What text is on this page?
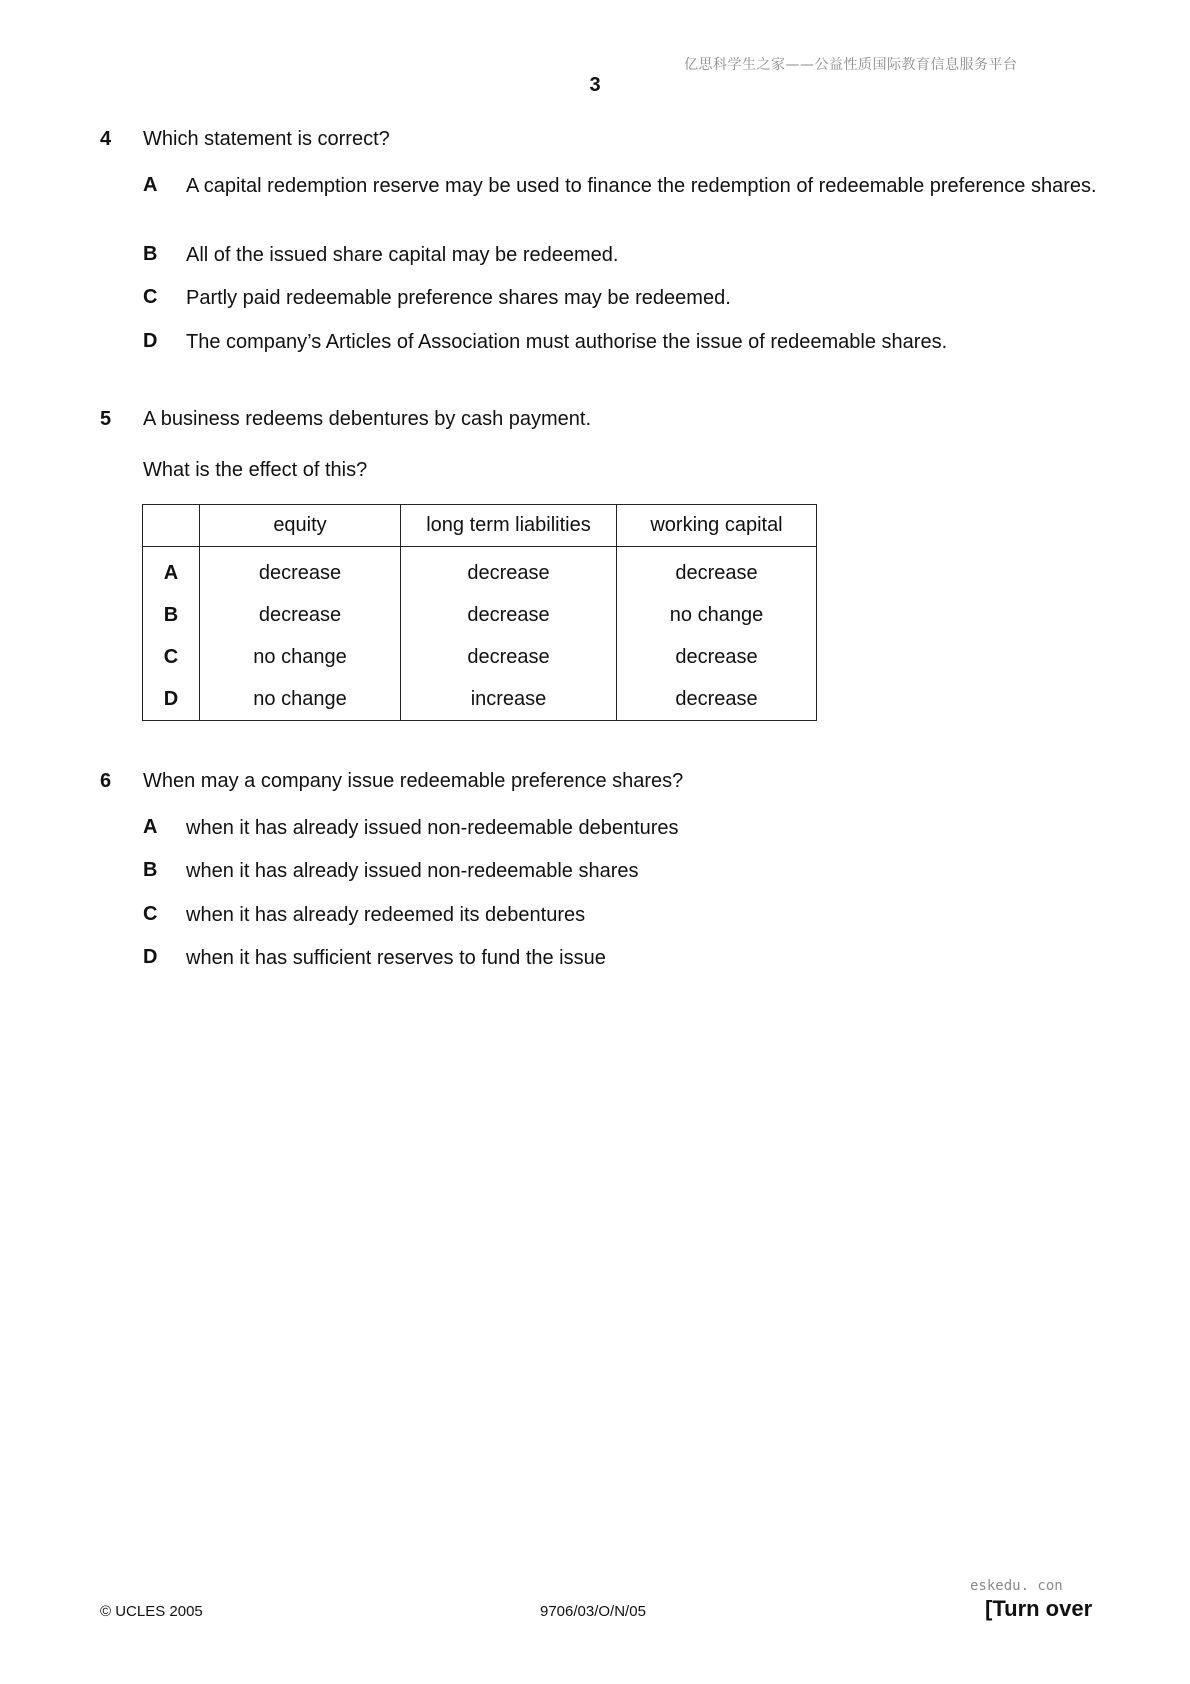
亿思科学生之家——公益性质国际教育信息服务平台
3
4 Which statement is correct?
A A capital redemption reserve may be used to finance the redemption of redeemable preference shares.
B All of the issued share capital may be redeemed.
C Partly paid redeemable preference shares may be redeemed.
D The company’s Articles of Association must authorise the issue of redeemable shares.
5 A business redeems debentures by cash payment.
What is the effect of this?
	equity	long term liabilities	working capital
A	decrease	decrease	decrease
B	decrease	decrease	no change
C	no change	decrease	decrease
D	no change	increase	decrease
6 When may a company issue redeemable preference shares?
A when it has already issued non-redeemable debentures
B when it has already issued non-redeemable shares
C when it has already redeemed its debentures
D when it has sufficient reserves to fund the issue
© UCLES 2005	9706/03/O/N/05
eskedu. con
[Turn over
